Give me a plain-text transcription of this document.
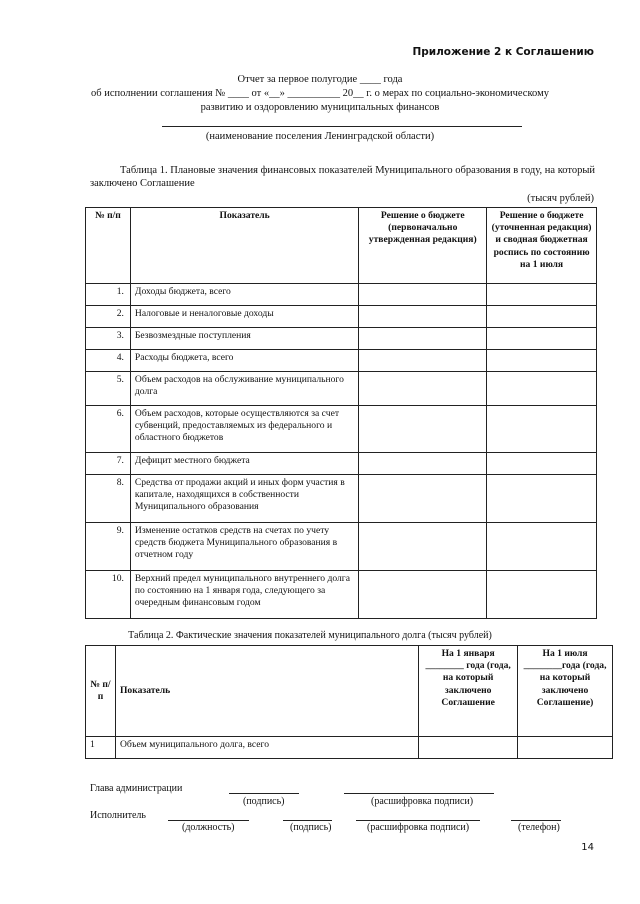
Приложение 2 к Соглашению
Отчет за первое полугодие ____ года
об исполнении соглашения № ____ от «__» __________ 20__ г. о мерах по социально-экономическому
развитию и оздоровлению муниципальных финансов
(наименование поселения Ленинградской области)
Таблица 1. Плановые значения финансовых показателей Муниципального образования в году, на который заключено Соглашение
(тысяч рублей)
№ п/п	Показатель	Решение о бюджете (первоначально утвержденная редакция)	Решение о бюджете (уточненная редакция) и сводная бюджетная роспись по состоянию на 1 июля
1.	Доходы бюджета, всего		
2.	Налоговые и неналоговые доходы		
3.	Безвозмездные поступления		
4.	Расходы бюджета, всего		
5.	Объем расходов на обслуживание муниципального долга		
6.	Объем расходов, которые осуществляются за счет субвенций, предоставляемых из федерального и областного бюджетов		
7.	Дефицит местного бюджета		
8.	Средства от продажи акций и иных форм участия в капитале, находящихся в собственности Муниципального образования		
9.	Изменение остатков средств на счетах по учету средств бюджета Муниципального образования в отчетном году		
10.	Верхний предел муниципального внутреннего долга по состоянию на 1 января года, следующего за очередным финансовым годом		
Таблица 2. Фактические значения показателей муниципального долга (тысяч рублей)
№ п/п	Показатель	На 1 января ________ года (года, на который заключено Соглашение	На 1 июля ________года (года, на который заключено Соглашение)
1	Объем муниципального долга, всего		
Глава администрации
(подпись)	(расшифровка подписи)
Исполнитель
(должность)	(подпись)	(расшифровка подписи)	(телефон)
14
